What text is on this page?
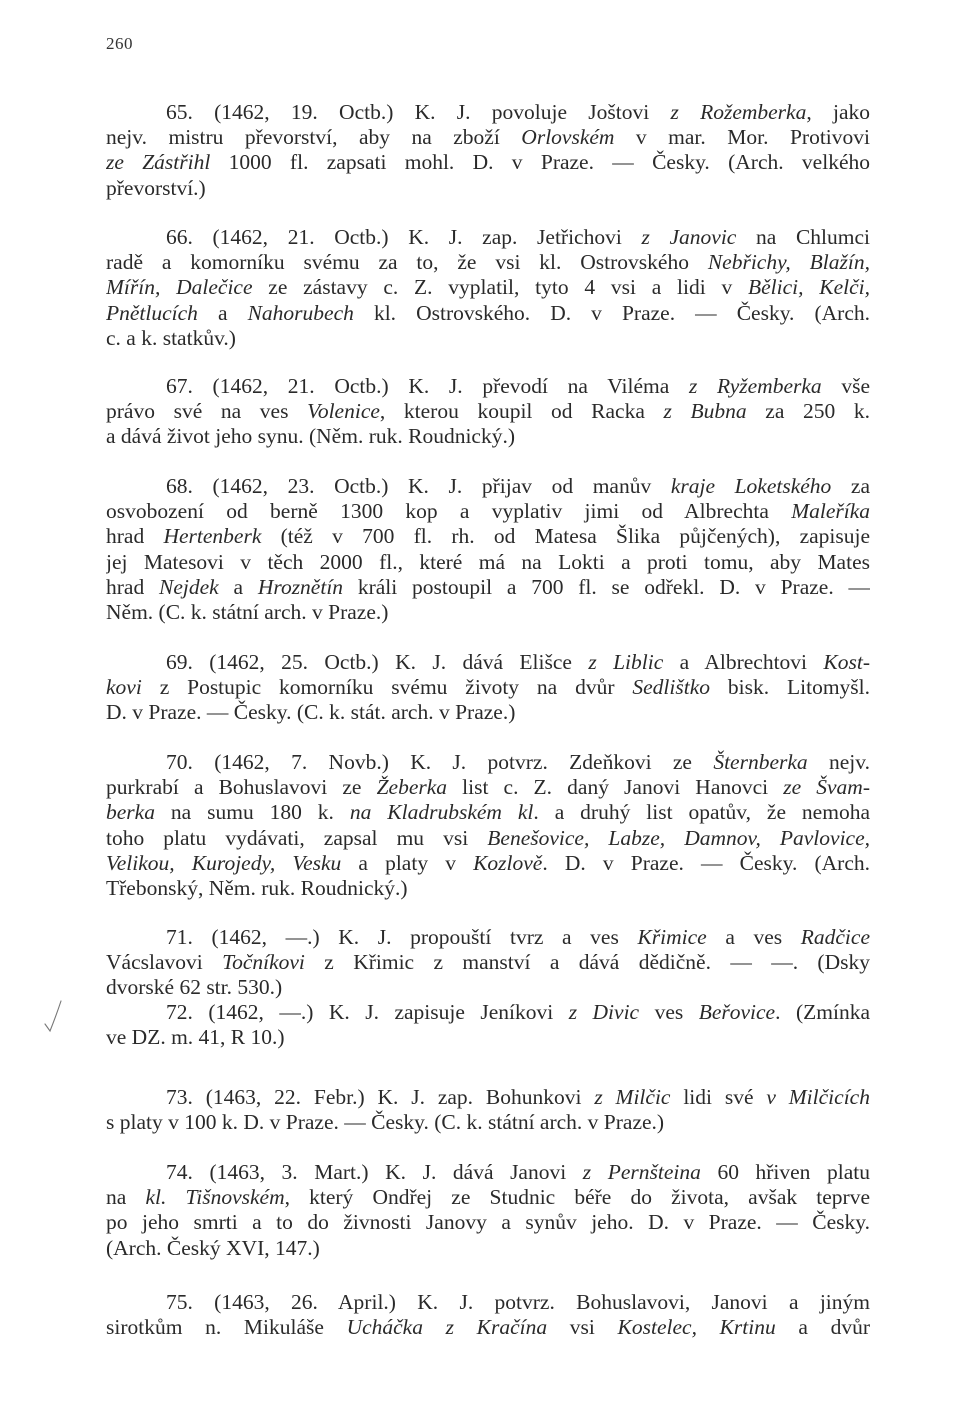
260
65. (1462, 19. Octb.) K. J. povoluje Joštovi z Rožemberka, jako
nejv. mistru převorství, aby na zboží Orlovském v mar. Mor. Protivovi
ze Zástřihl 1000 fl. zapsati mohl. D. v Praze. — Česky. (Arch. velkého
převorství.)
66. (1462, 21. Octb.) K. J. zap. Jetřichovi z Janovic na Chlumci
radě a komorníku svému za to, že vsi kl. Ostrovského Nebřichy, Blažín,
Mířín, Dalečice ze zástavy c. Z. vyplatil, tyto 4 vsi a lidi v Bělici, Kelči,
Pnětlucích a Nahorubech kl. Ostrovského. D. v Praze. — Česky. (Arch.
c. a k. statkův.)
67. (1462, 21. Octb.) K. J. převodí na Viléma z Ryžemberka vše
právo své na ves Volenice, kterou koupil od Racka z Bubna za 250 k.
a dává život jeho synu. (Něm. ruk. Roudnický.)
68. (1462, 23. Octb.) K. J. přijav od manův kraje Loketského za
osvobození od berně 1300 kop a vyplativ jimi od Albrechta Maleříka
hrad Hertenberk (též v 700 fl. rh. od Matesa Šlika půjčených), zapisuje
jej Matesovi v těch 2000 fl., které má na Lokti a proti tomu, aby Mates
hrad Nejdek a Hroznětín králi postoupil a 700 fl. se odřekl. D. v Praze. —
Něm. (C. k. státní arch. v Praze.)
69. (1462, 25. Octb.) K. J. dává Elišce z Liblic a Albrechtovi Kost-
kovi z Postupic komorníku svému životy na dvůr Sedlištko bisk. Litomyšl.
D. v Praze. — Česky. (C. k. stát. arch. v Praze.)
70. (1462, 7. Novb.) K. J. potvrz. Zdeňkovi ze Šternberka nejv.
purkrabí a Bohuslavovi ze Žeberka list c. Z. daný Janovi Hanovci ze Švam-
berka na sumu 180 k. na Kladrubském kl. a druhý list opatův, že nemoha
toho platu vydávati, zapsal mu vsi Benešovice, Labze, Damnov, Pavlovice,
Velikou, Kurojedy, Vesku a platy v Kozlově. D. v Praze. — Česky. (Arch.
Třebonský, Něm. ruk. Roudnický.)
71. (1462, —.) K. J. propouští tvrz a ves Křimice a ves Radčice
Vácslavovi Točníkovi z Křimic z manství a dává dědičně. — —. (Dsky
dvorské 62 str. 530.)
72. (1462, —.) K. J. zapisuje Jeníkovi z Divic ves Beřovice. (Zmínka
ve DZ. m. 41, R 10.)
73. (1463, 22. Febr.) K. J. zap. Bohunkovi z Milčic lidi své v Milčicích
s platy v 100 k. D. v Praze. — Česky. (C. k. státní arch. v Praze.)
74. (1463, 3. Mart.) K. J. dává Janovi z Pernšteina 60 hřiven platu
na kl. Tišnovském, který Ondřej ze Studnic béře do života, avšak teprve
po jeho smrti a to do živnosti Janovy a synův jeho. D. v Praze. — Česky.
(Arch. Český XVI, 147.)
75. (1463, 26. April.) K. J. potvrz. Bohuslavovi, Janovi a jiným
sirotkům n. Mikuláše Ucháčka z Kračína vsi Kostelec, Krtinu a dvůr
